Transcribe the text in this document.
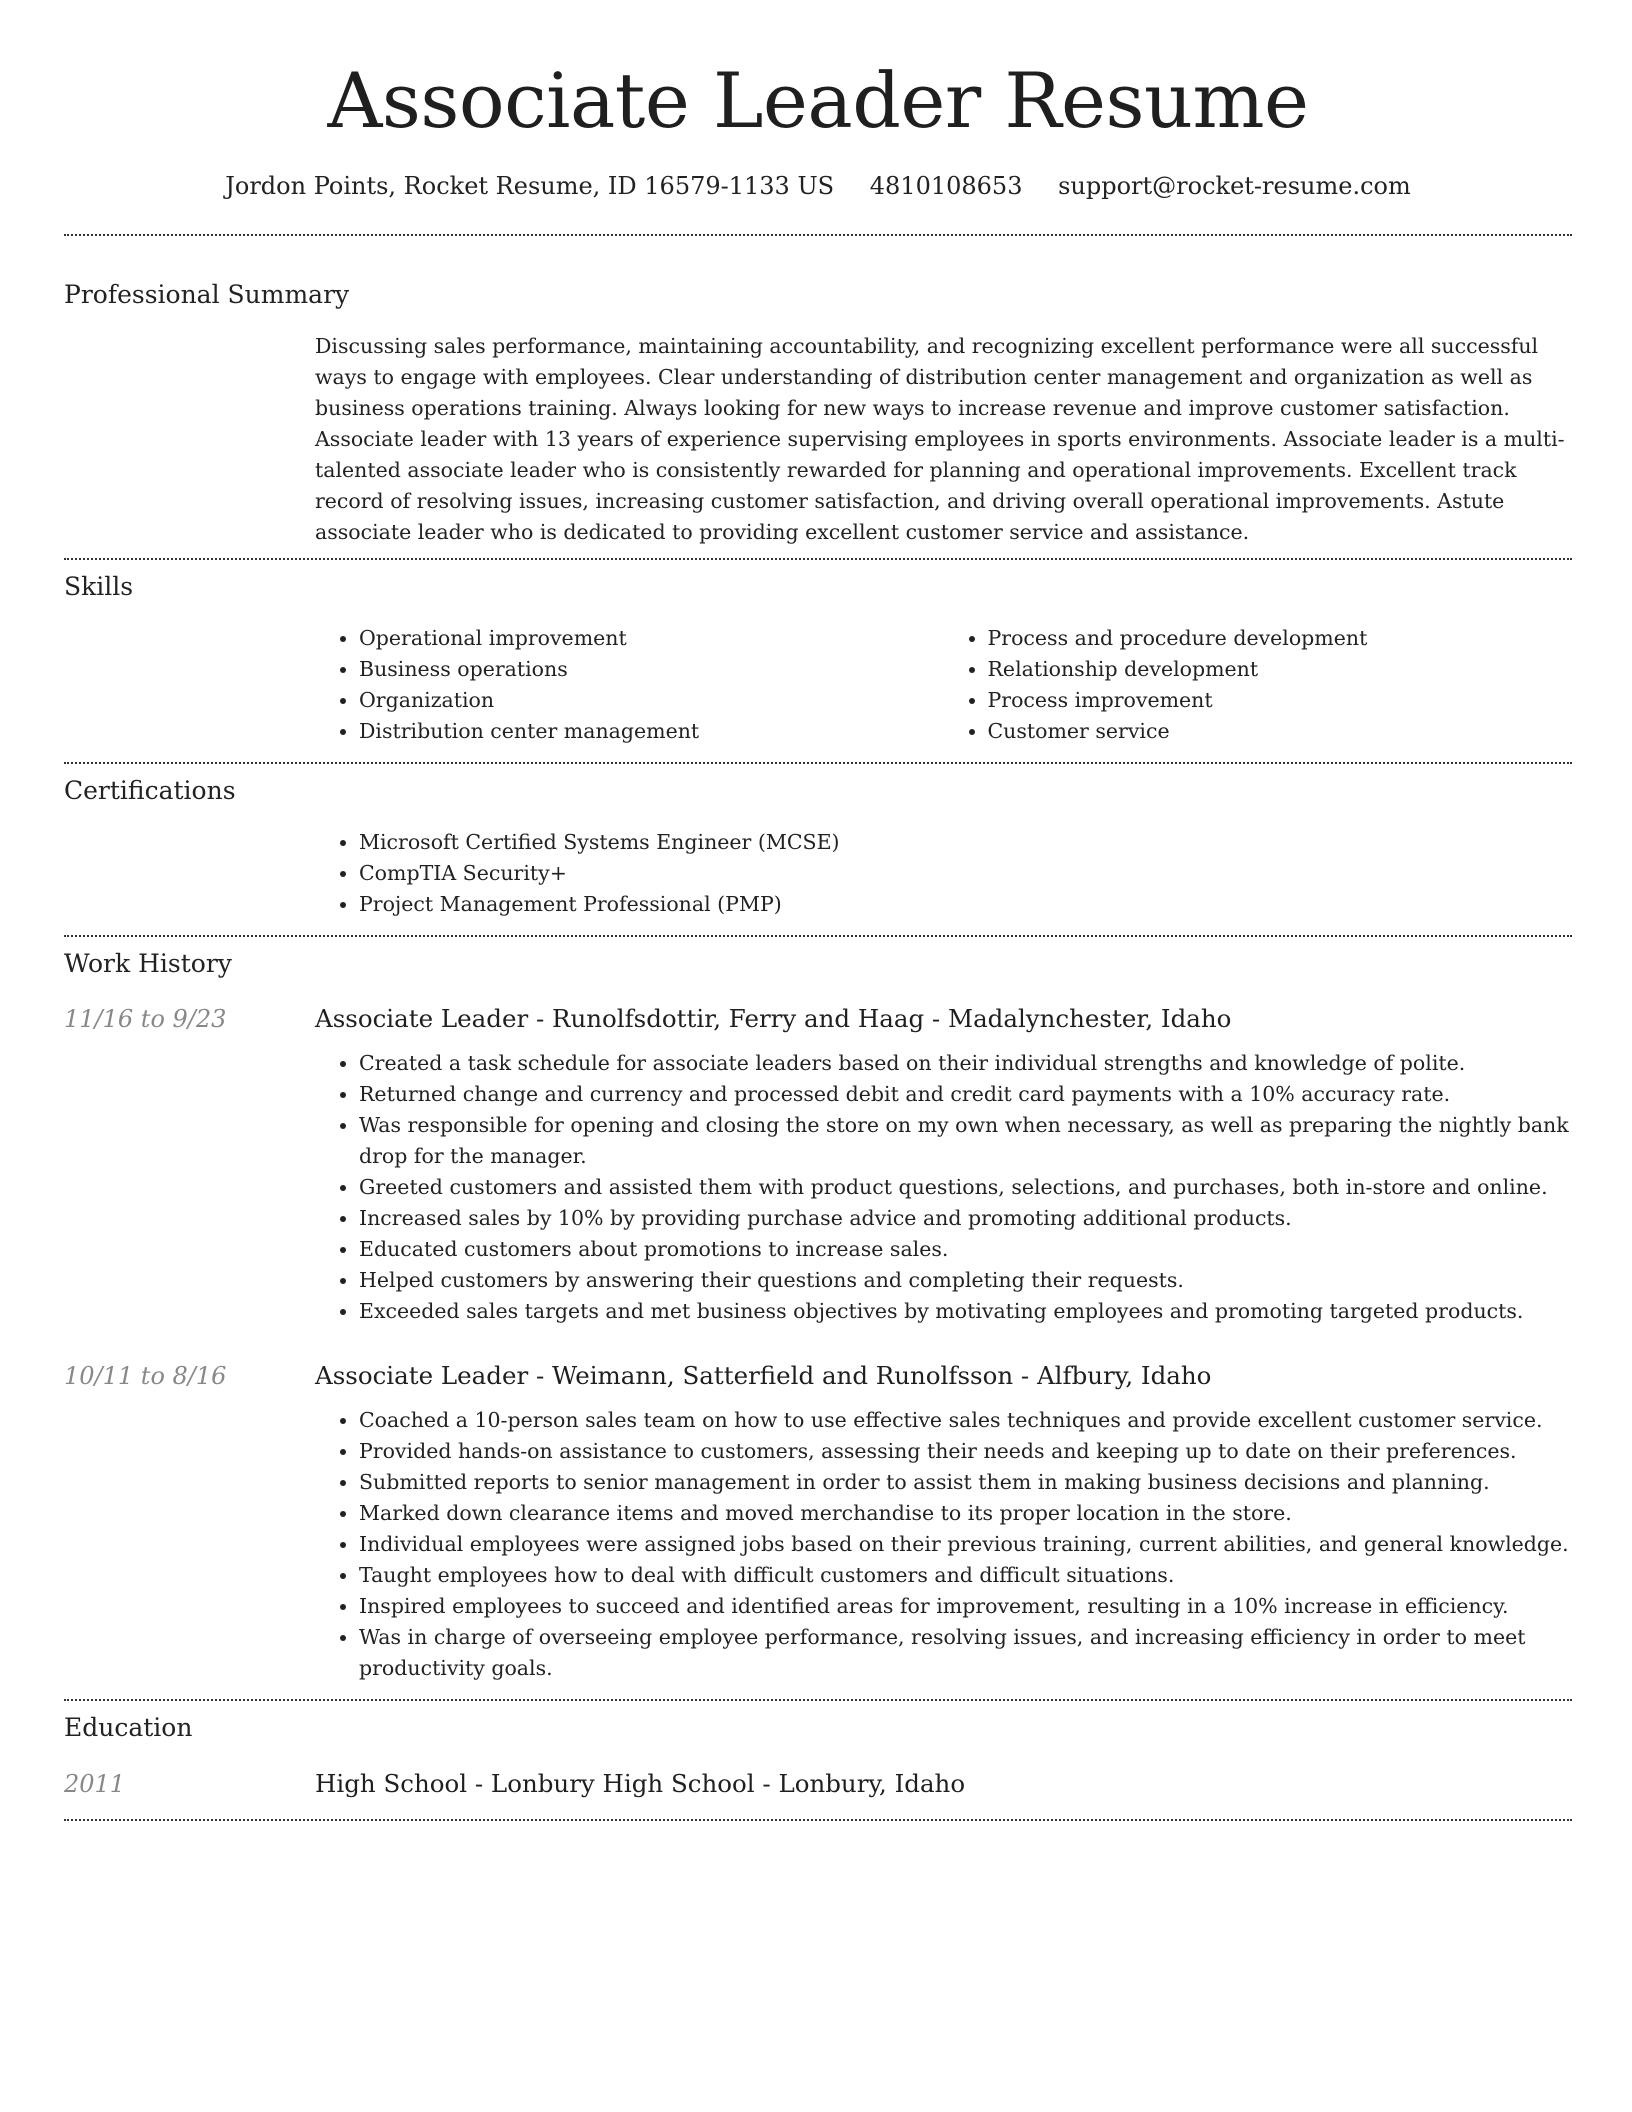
Associate Leader Resume
Jordon Points, Rocket Resume, ID 16579-1133 US 4810108653 support@rocket-resume.com
Professional Summary
Discussing sales performance, maintaining accountability, and recognizing excellent performance were all successful ways to engage with employees. Clear understanding of distribution center management and organization as well as business operations training. Always looking for new ways to increase revenue and improve customer satisfaction. Associate leader with 13 years of experience supervising employees in sports environments. Associate leader is a multi-talented associate leader who is consistently rewarded for planning and operational improvements. Excellent track record of resolving issues, increasing customer satisfaction, and driving overall operational improvements. Astute associate leader who is dedicated to providing excellent customer service and assistance.
Skills
• Operational improvement
• Business operations
• Organization
• Distribution center management
• Process and procedure development
• Relationship development
• Process improvement
• Customer service
Certifications
• Microsoft Certified Systems Engineer (MCSE)
• CompTIA Security+
• Project Management Professional (PMP)
Work History
11/16 to 9/23	Associate Leader - Runolfsdottir, Ferry and Haag - Madalynchester, Idaho
• Created a task schedule for associate leaders based on their individual strengths and knowledge of polite.
• Returned change and currency and processed debit and credit card payments with a 10% accuracy rate.
• Was responsible for opening and closing the store on my own when necessary, as well as preparing the nightly bank drop for the manager.
• Greeted customers and assisted them with product questions, selections, and purchases, both in-store and online.
• Increased sales by 10% by providing purchase advice and promoting additional products.
• Educated customers about promotions to increase sales.
• Helped customers by answering their questions and completing their requests.
• Exceeded sales targets and met business objectives by motivating employees and promoting targeted products.
10/11 to 8/16	Associate Leader - Weimann, Satterfield and Runolfsson - Alfbury, Idaho
• Coached a 10-person sales team on how to use effective sales techniques and provide excellent customer service.
• Provided hands-on assistance to customers, assessing their needs and keeping up to date on their preferences.
• Submitted reports to senior management in order to assist them in making business decisions and planning.
• Marked down clearance items and moved merchandise to its proper location in the store.
• Individual employees were assigned jobs based on their previous training, current abilities, and general knowledge.
• Taught employees how to deal with difficult customers and difficult situations.
• Inspired employees to succeed and identified areas for improvement, resulting in a 10% increase in efficiency.
• Was in charge of overseeing employee performance, resolving issues, and increasing efficiency in order to meet productivity goals.
Education
2011	High School - Lonbury High School - Lonbury, Idaho
